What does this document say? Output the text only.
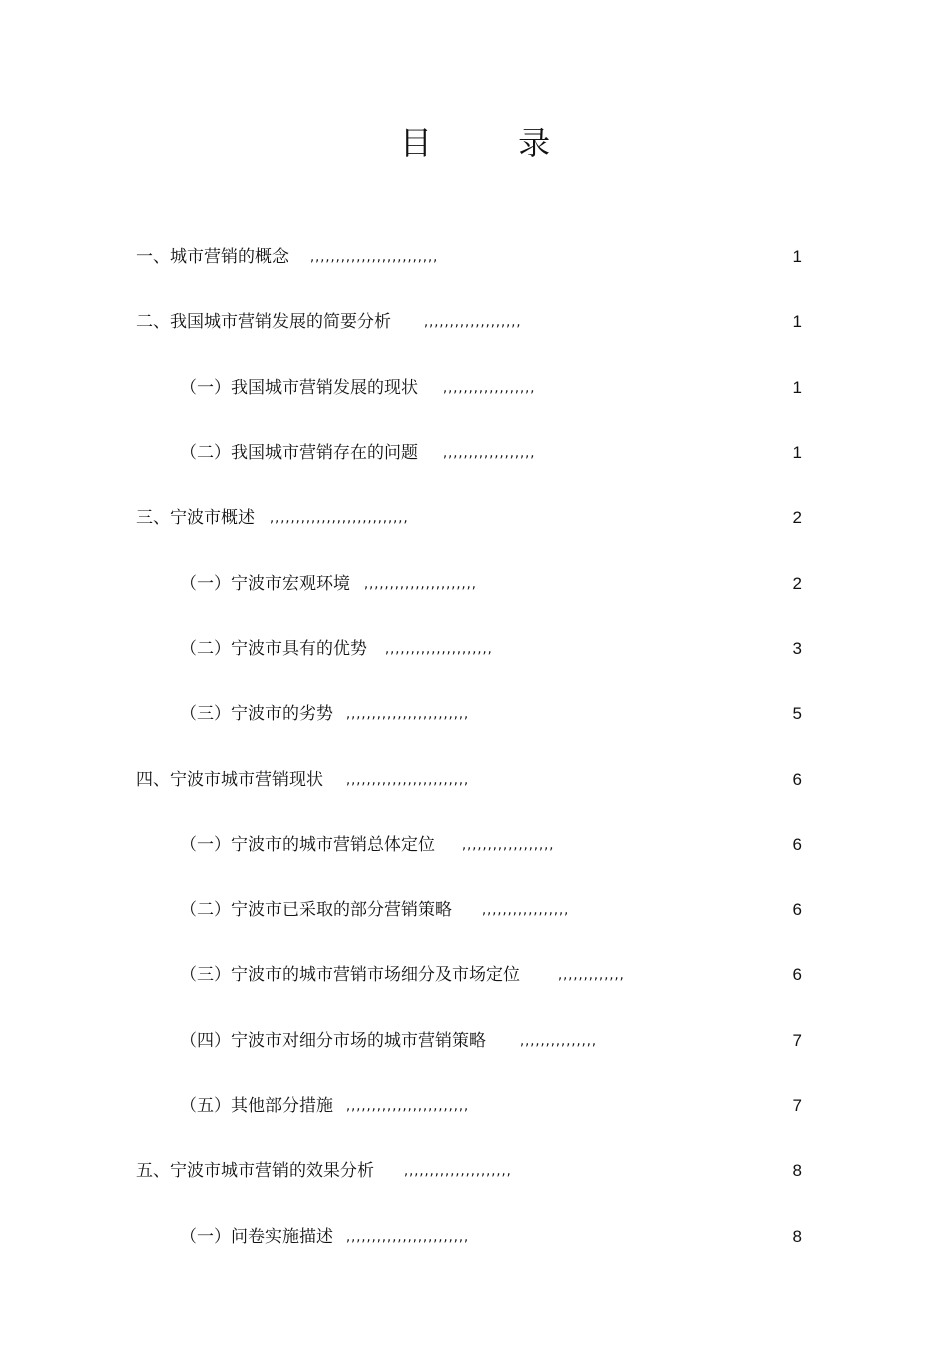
目 录
一、城市营销的概念 ,,,,,,,,,,,,,,,,,,,,,,,,,	1
二、我国城市营销发展的简要分析	,,,,,,,,,,,,,,,,,,,	1
（一）我国城市营销发展的现状 ,,,,,,,,,,,,,,,,,,	1
（二）我国城市营销存在的问题 ,,,,,,,,,,,,,,,,,,	1
三、宁波市概述 ,,,,,,,,,,,,,,,,,,,,,,,,,,,	2
（一）宁波市宏观环境 ,,,,,,,,,,,,,,,,,,,,,,	2
（二）宁波市具有的优势 ,,,,,,,,,,,,,,,,,,,,,	3
（三）宁波市的劣势 ,,,,,,,,,,,,,,,,,,,,,,,,	5
四、宁波市城市营销现状 ,,,,,,,,,,,,,,,,,,,,,,,,	6
（一）宁波市的城市营销总体定位 ,,,,,,,,,,,,,,,,,,	6
（二）宁波市已采取的部分营销策略 ,,,,,,,,,,,,,,,,,	6
（三）宁波市的城市营销市场细分及市场定位	,,,,,,,,,,,,,	6
（四）宁波市对细分市场的城市营销策略	,,,,,,,,,,,,,,,	7
（五）其他部分措施 ,,,,,,,,,,,,,,,,,,,,,,,,	7
五、宁波市城市营销的效果分析 ,,,,,,,,,,,,,,,,,,,,,	8
（一）问卷实施描述 ,,,,,,,,,,,,,,,,,,,,,,,,	8
